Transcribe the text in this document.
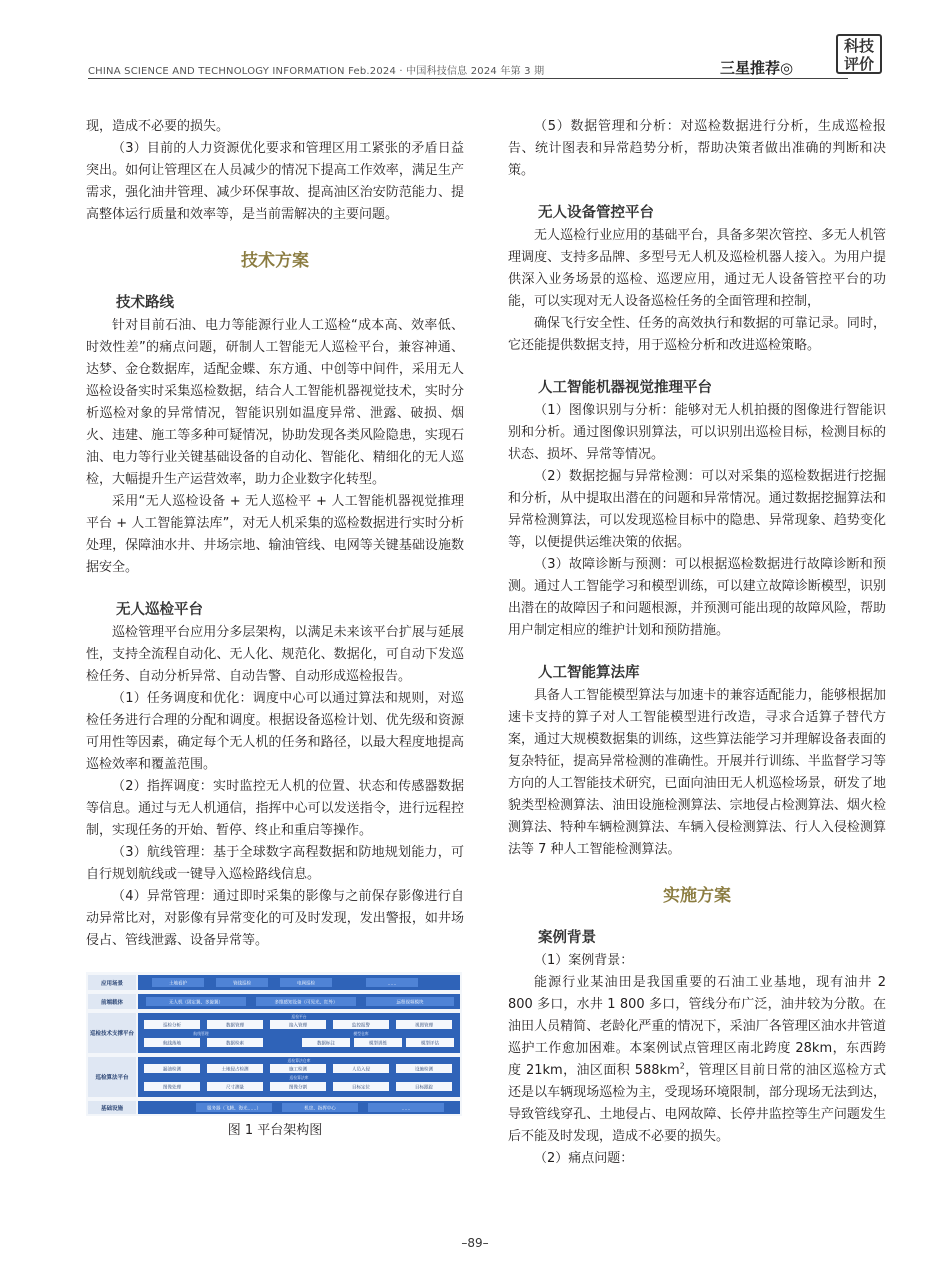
CHINA SCIENCE AND TECHNOLOGY INFORMATION Feb.2024 · 中国科技信息 2024 年第 3 期	三星推荐◎
科技
评价

现，造成不必要的损失。

（3）目前的人力资源优化要求和管理区用工紧张的矛盾日益突出。如何让管理区在人员减少的情况下提高工作效率，满足生产需求，强化油井管理、减少环保事故、提高油区治安防范能力、提高整体运行质量和效率等，是当前需解决的主要问题。

技术方案
技术路线

针对目前石油、电力等能源行业人工巡检“成本高、效率低、时效性差”的痛点问题，研制人工智能无人巡检平台，兼容神通、达梦、金仓数据库，适配金蝶、东方通、中创等中间件，采用无人巡检设备实时采集巡检数据，结合人工智能机器视觉技术，实时分析巡检对象的异常情况，智能识别如温度异常、泄露、破损、烟火、违建、施工等多种可疑情况，协助发现各类风险隐患，实现石油、电力等行业关键基础设备的自动化、智能化、精细化的无人巡检，大幅提升生产运营效率，助力企业数字化转型。

采用“无人巡检设备 + 无人巡检平 + 人工智能机器视觉推理平台 + 人工智能算法库”，对无人机采集的巡检数据进行实时分析处理，保障油水井、井场宗地、输油管线、电网等关键基础设施数据安全。

无人巡检平台

巡检管理平台应用分多层架构，以满足未来该平台扩展与延展性，支持全流程自动化、无人化、规范化、数据化，可自动下发巡检任务、自动分析异常、自动告警、自动形成巡检报告。

（1）任务调度和优化：调度中心可以通过算法和规则，对巡检任务进行合理的分配和调度。根据设备巡检计划、优先级和资源可用性等因素，确定每个无人机的任务和路径，以最大程度地提高巡检效率和覆盖范围。

（2）指挥调度：实时监控无人机的位置、状态和传感器数据等信息。通过与无人机通信，指挥中心可以发送指令，进行远程控制，实现任务的开始、暂停、终止和重启等操作。

（3）航线管理：基于全球数字高程数据和防地规划能力，可自行规划航线或一键导入巡检路线信息。

（4）异常管理：通过即时采集的影像与之前保存影像进行自动异常比对，对影像有异常变化的可及时发现，发出警报，如井场侵占、管线泄露、设备异常等。

应用场景	土地看护	管线巡检	电网巡检	……
前端载体	无人机（固定翼、多旋翼）	多维感知设备（可见光、红外）	远程视频模块
巡检技术支撑平台
巡检平台
巡检分析	数据管理	接入管理	监控报警	视图管理
航线管理	模型仓库
航线落地	数据检索	数据标注	模型训练	模型评估
巡检算法平台
巡检算法仓库
漏油检测	土地侵占检测	施工检测	人员入侵	设施检测
巡检算法库
图像处理	尺寸测量	图像分割	目标定位	目标跟踪
基础设施	服务器（飞腾、海光……）	机房、指挥中心	……
图 1 平台架构图

（5）数据管理和分析：对巡检数据进行分析，生成巡检报告、统计图表和异常趋势分析，帮助决策者做出准确的判断和决策。

无人设备管控平台

无人巡检行业应用的基础平台，具备多架次管控、多无人机管理调度、支持多品牌、多型号无人机及巡检机器人接入。为用户提供深入业务场景的巡检、巡逻应用，通过无人设备管控平台的功能，可以实现对无人设备巡检任务的全面管理和控制，

确保飞行安全性、任务的高效执行和数据的可靠记录。同时，它还能提供数据支持，用于巡检分析和改进巡检策略。

人工智能机器视觉推理平台

（1）图像识别与分析：能够对无人机拍摄的图像进行智能识别和分析。通过图像识别算法，可以识别出巡检目标，检测目标的状态、损坏、异常等情况。

（2）数据挖掘与异常检测：可以对采集的巡检数据进行挖掘和分析，从中提取出潜在的问题和异常情况。通过数据挖掘算法和异常检测算法，可以发现巡检目标中的隐患、异常现象、趋势变化等，以便提供运维决策的依据。

（3）故障诊断与预测：可以根据巡检数据进行故障诊断和预测。通过人工智能学习和模型训练，可以建立故障诊断模型，识别出潜在的故障因子和问题根源，并预测可能出现的故障风险，帮助用户制定相应的维护计划和预防措施。

人工智能算法库

具备人工智能模型算法与加速卡的兼容适配能力，能够根据加速卡支持的算子对人工智能模型进行改造，寻求合适算子替代方案，通过大规模数据集的训练，这些算法能学习并理解设备表面的复杂特征，提高异常检测的准确性。开展并行训练、半监督学习等方向的人工智能技术研究，已面向油田无人机巡检场景，研发了地貌类型检测算法、油田设施检测算法、宗地侵占检测算法、烟火检测算法、特种车辆检测算法、车辆入侵检测算法、行人入侵检测算法等 7 种人工智能检测算法。

实施方案
案例背景

（1）案例背景：

能源行业某油田是我国重要的石油工业基地，现有油井 2 800 多口，水井 1 800 多口，管线分布广泛，油井较为分散。在油田人员精简、老龄化严重的情况下，采油厂各管理区油水井管道巡护工作愈加困难。本案例试点管理区南北跨度 28km，东西跨度 21km，油区面积 $588km^2$，管理区目前日常的油区巡检方式还是以车辆现场巡检为主，受现场环境限制，部分现场无法到达，导致管线穿孔、土地侵占、电网故障、长停井监控等生产问题发生后不能及时发现，造成不必要的损失。

（2）痛点问题：

–89–
